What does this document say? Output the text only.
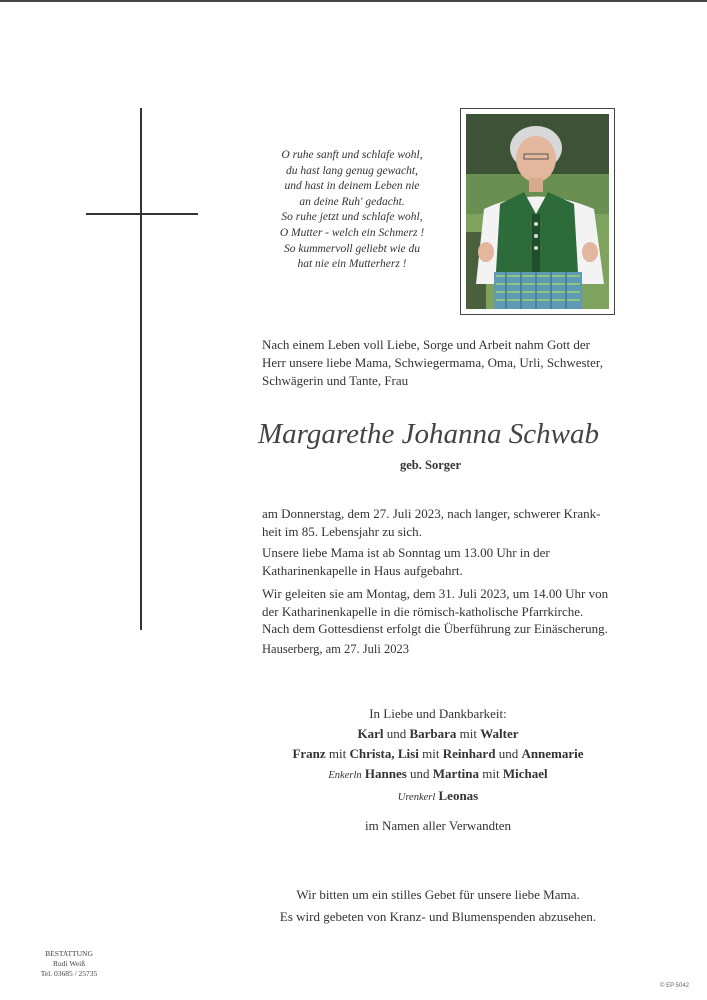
O ruhe sanft und schlafe wohl,
du hast lang genug gewacht,
und hast in deinem Leben nie
an deine Ruh' gedacht.
So ruhe jetzt und schlafe wohl,
O Mutter - welch ein Schmerz !
So kummervoll geliebt wie du
hat nie ein Mutterherz !
Nach einem Leben voll Liebe, Sorge und Arbeit nahm Gott der
Herr unsere liebe Mama, Schwiegermama, Oma, Urli, Schwester,
Schwägerin und Tante, Frau
Margarethe Johanna Schwab
geb. Sorger
am Donnerstag, dem 27. Juli 2023, nach langer, schwerer Krank-
heit im 85. Lebensjahr zu sich.
Unsere liebe Mama ist ab Sonntag um 13.00 Uhr in der
Katharinenkapelle in Haus aufgebahrt.
Wir geleiten sie am Montag, dem 31. Juli 2023, um 14.00 Uhr von
der Katharinenkapelle in die römisch-katholische Pfarrkirche.
Nach dem Gottesdienst erfolgt die Überführung zur Einäscherung.
Hauserberg, am 27. Juli 2023
In Liebe und Dankbarkeit:
Karl und Barbara mit Walter
Franz mit Christa, Lisi mit Reinhard und Annemarie
Enkerln Hannes und Martina mit Michael
Urenkerl Leonas
im Namen aller Verwandten
Wir bitten um ein stilles Gebet für unsere liebe Mama.
Es wird gebeten von Kranz- und Blumenspenden abzusehen.
BESTATTUNG
Rudi Weiß
Tel. 03685 / 25735
© EP 5042
